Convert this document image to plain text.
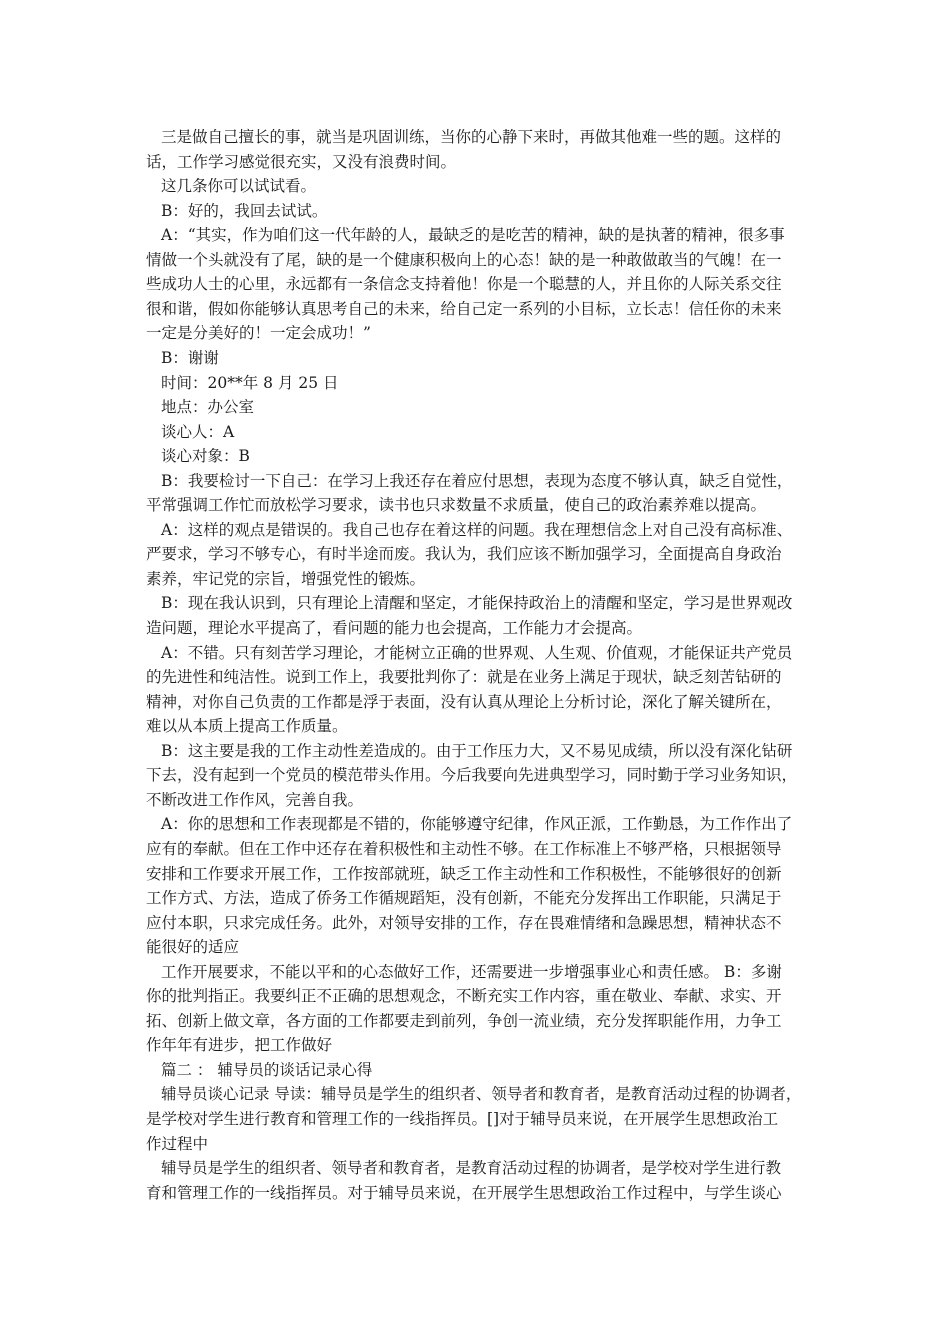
三是做自己擅长的事，就当是巩固训练，当你的心静下来时，再做其他难一些的题。这样的
话，工作学习感觉很充实，又没有浪费时间。
这几条你可以试试看。
B：好的，我回去试试。
A：“其实，作为咱们这一代年龄的人，最缺乏的是吃苦的精神，缺的是执著的精神，很多事
情做一个头就没有了尾，缺的是一个健康积极向上的心态！缺的是一种敢做敢当的气魄！在一
些成功人士的心里，永远都有一条信念支持着他！你是一个聪慧的人，并且你的人际关系交往
很和谐，假如你能够认真思考自己的未来，给自己定一系列的小目标，立长志！信任你的未来
一定是分美好的！一定会成功！”
B：谢谢
时间：20**年 8 月 25 日
地点：办公室
谈心人：A
谈心对象：B
B：我要检讨一下自己：在学习上我还存在着应付思想，表现为态度不够认真，缺乏自觉性，
平常强调工作忙而放松学习要求，读书也只求数量不求质量，使自己的政治素养难以提高。
A：这样的观点是错误的。我自己也存在着这样的问题。我在理想信念上对自己没有高标准、
严要求，学习不够专心，有时半途而废。我认为，我们应该不断加强学习，全面提高自身政治
素养，牢记党的宗旨，增强党性的锻炼。
B：现在我认识到，只有理论上清醒和坚定，才能保持政治上的清醒和坚定，学习是世界观改
造问题，理论水平提高了，看问题的能力也会提高，工作能力才会提高。
A：不错。只有刻苦学习理论，才能树立正确的世界观、人生观、价值观，才能保证共产党员
的先进性和纯洁性。说到工作上，我要批判你了：就是在业务上满足于现状，缺乏刻苦钻研的
精神，对你自己负责的工作都是浮于表面，没有认真从理论上分析讨论，深化了解关键所在，
难以从本质上提高工作质量。
B：这主要是我的工作主动性差造成的。由于工作压力大，又不易见成绩，所以没有深化钻研
下去，没有起到一个党员的模范带头作用。今后我要向先进典型学习，同时勤于学习业务知识，
不断改进工作作风，完善自我。
A：你的思想和工作表现都是不错的，你能够遵守纪律，作风正派，工作勤恳，为工作作出了
应有的奉献。但在工作中还存在着积极性和主动性不够。在工作标准上不够严格，只根据领导
安排和工作要求开展工作，工作按部就班，缺乏工作主动性和工作积极性，不能够很好的创新
工作方式、方法，造成了侨务工作循规蹈矩，没有创新，不能充分发挥出工作职能，只满足于
应付本职，只求完成任务。此外，对领导安排的工作，存在畏难情绪和急躁思想，精神状态不
能很好的适应
工作开展要求，不能以平和的心态做好工作，还需要进一步增强事业心和责任感。 B：多谢
你的批判指正。我要纠正不正确的思想观念，不断充实工作内容，重在敬业、奉献、求实、开
拓、创新上做文章，各方面的工作都要走到前列，争创一流业绩，充分发挥职能作用，力争工
作年年有进步，把工作做好
篇二 ： 辅导员的谈话记录心得
辅导员谈心记录 导读：辅导员是学生的组织者、领导者和教育者，是教育活动过程的协调者，
是学校对学生进行教育和管理工作的一线指挥员。[]对于辅导员来说，在开展学生思想政治工
作过程中
辅导员是学生的组织者、领导者和教育者，是教育活动过程的协调者，是学校对学生进行教
育和管理工作的一线指挥员。对于辅导员来说，在开展学生思想政治工作过程中，与学生谈心
